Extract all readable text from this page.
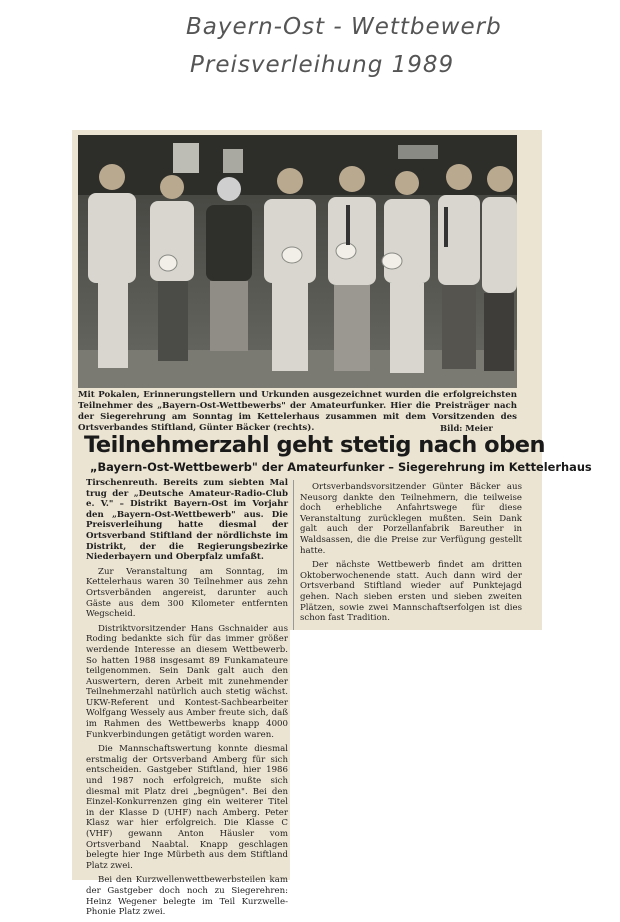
Bayern-Ost - Wettbewerb
Preisverleihung 1989
Mit Pokalen, Erinnerungstellern und Urkunden ausgezeichnet wurden die erfolgreichsten Teilnehmer des „Bayern-Ost-Wettbewerbs" der Amateurfunker. Hier die Preisträger nach der Siegerehrung am Sonntag im Kettelerhaus zusammen mit dem Vorsitzenden des Ortsverbandes Stiftland, Günter Bäcker (rechts).	Bild: Meier
Teilnehmerzahl geht stetig nach oben
„Bayern-Ost-Wettbewerb" der Amateurfunker – Siegerehrung im Kettelerhaus

Tirschenreuth. Bereits zum siebten Mal trug der „Deutsche Amateur-Radio-Club e. V." – Distrikt Bayern-Ost im Vorjahr den „Bayern-Ost-Wettbewerb" aus. Die Preisverleihung hatte diesmal der Ortsverband Stiftland der nördlichste im Distrikt, der die Regierungsbezirke Niederbayern und Oberpfalz umfaßt.

Zur Veranstaltung am Sonntag, im Kettelerhaus waren 30 Teilnehmer aus zehn Ortsverbänden angereist, darunter auch Gäste aus dem 300 Kilometer entfernten Wegscheid.

Distriktvorsitzender Hans Gschnaider aus Roding bedankte sich für das immer größer werdende Interesse an diesem Wettbewerb. So hatten 1988 insgesamt 89 Funkamateure teilgenommen. Sein Dank galt auch den Auswertern, deren Arbeit mit zunehmender Teilnehmerzahl natürlich auch stetig wächst. UKW-Referent und Kontest-Sachbearbeiter Wolfgang Wessely aus Amber freute sich, daß im Rahmen des Wettbewerbs knapp 4000 Funkverbindungen getätigt worden waren.

Die Mannschaftswertung konnte diesmal erstmalig der Ortsverband Amberg für sich entscheiden. Gastgeber Stiftland, hier 1986 und 1987 noch erfolgreich, mußte sich diesmal mit Platz drei „begnügen". Bei den Einzel-Konkurrenzen ging ein weiterer Titel in der Klasse D (UHF) nach Amberg. Peter Klasz war hier erfolgreich. Die Klasse C (VHF) gewann Anton Häusler vom Ortsverband Naabtal. Knapp geschlagen belegte hier Inge Mürbeth aus dem Stiftland Platz zwei.

Bei den Kurzwellenwettbewerbsteilen kam der Gastgeber doch noch zu Siegerehren: Heinz Wegener belegte im Teil Kurzwelle-Phonie Platz zwei.

Ortsverbandsvorsitzender Günter Bäcker aus Neusorg dankte den Teilnehmern, die teilweise doch erhebliche Anfahrtswege für diese Veranstaltung zurücklegen mußten. Sein Dank galt auch der Porzellanfabrik Bareuther in Waldsassen, die die Preise zur Verfügung gestellt hatte.

Der nächste Wettbewerb findet am dritten Oktoberwochenende statt. Auch dann wird der Ortsverband Stiftland wieder auf Punktejagd gehen. Nach sieben ersten und sieben zweiten Plätzen, sowie zwei Mannschaftserfolgen ist dies schon fast Tradition.
